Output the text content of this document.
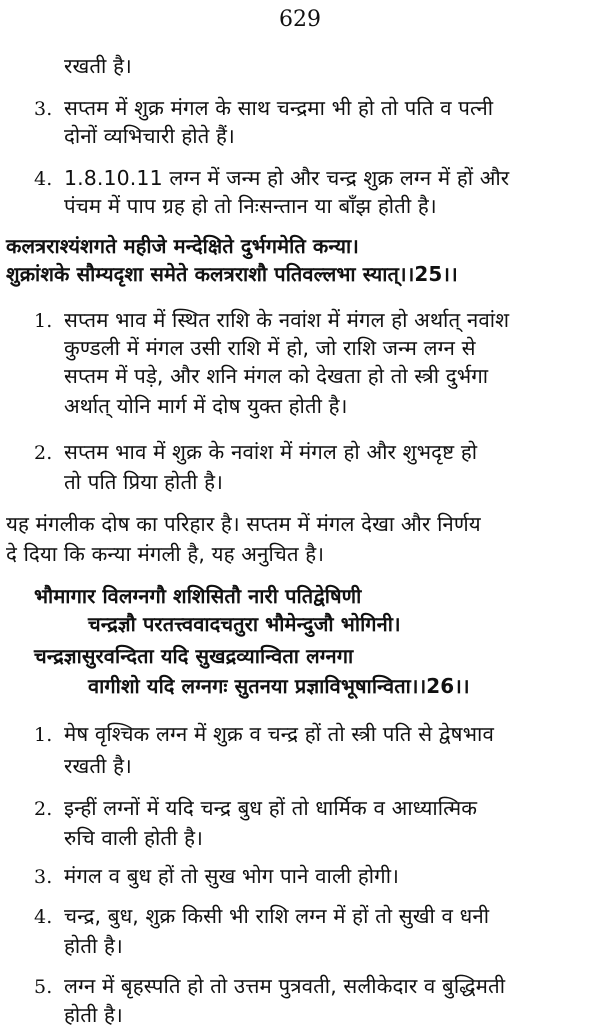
629
रखती है।
3. सप्तम में शुक्र मंगल के साथ चन्द्रमा भी हो तो पति व पत्नी
दोनों व्यभिचारी होते हैं।
4. 1.8.10.11 लग्न में जन्म हो और चन्द्र शुक्र लग्न में हों और
पंचम में पाप ग्रह हो तो निःसन्तान या बाँझ होती है।
कलत्रराश्यंशगते महीजे मन्देक्षिते दुर्भगमेति कन्या।
शुक्रांशके सौम्यदृशा समेते कलत्रराशौ पतिवल्लभा स्यात्।।25।।
1. सप्तम भाव में स्थित राशि के नवांश में मंगल हो अर्थात् नवांश
कुण्डली में मंगल उसी राशि में हो, जो राशि जन्म लग्न से
सप्तम में पड़े, और शनि मंगल को देखता हो तो स्त्री दुर्भगा
अर्थात् योनि मार्ग में दोष युक्त होती है।
2. सप्तम भाव में शुक्र के नवांश में मंगल हो और शुभदृष्ट हो
तो पति प्रिया होती है।
यह मंगलीक दोष का परिहार है। सप्तम में मंगल देखा और निर्णय
दे दिया कि कन्या मंगली है, यह अनुचित है।
भौमागार विलग्नगौ शशिसितौ नारी पतिद्वेषिणी
चन्द्रज्ञौ परतत्त्ववादचतुरा भौमेन्दुजौ भोगिनी।
चन्द्रज्ञासुरवन्दिता यदि सुखद्रव्यान्विता लग्नगा
वागीशो यदि लग्नगः सुतनया प्रज्ञाविभूषान्विता।।26।।
1. मेष वृश्चिक लग्न में शुक्र व चन्द्र हों तो स्त्री पति से द्वेषभाव
रखती है।
2. इन्हीं लग्नों में यदि चन्द्र बुध हों तो धार्मिक व आध्यात्मिक
रुचि वाली होती है।
3. मंगल व बुध हों तो सुख भोग पाने वाली होगी।
4. चन्द्र, बुध, शुक्र किसी भी राशि लग्न में हों तो सुखी व धनी
होती है।
5. लग्न में बृहस्पति हो तो उत्तम पुत्रवती, सलीकेदार व बुद्धिमती
होती है।
